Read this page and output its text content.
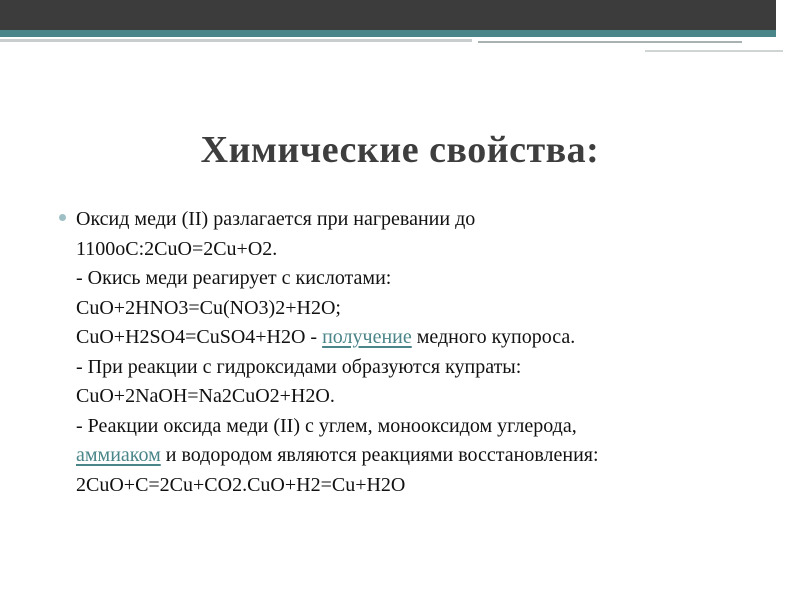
Химические свойства:
Оксид меди (II) разлагается при нагревании до
1100оС:2CuO=2Cu+O2.
- Окись меди реагирует с кислотами:
CuO+2HNO3=Cu(NO3)2+H2O;
CuO+H2SO4=CuSO4+H2O - получение медного купороса.
- При реакции с гидроксидами образуются купраты:
CuO+2NaOH=Na2CuO2+H2O.
- Реакции оксида меди (II) с углем, монооксидом углерода,
аммиаком и водородом являются реакциями восстановления:
2CuO+C=2Cu+CO2.CuO+H2=Cu+H2O
